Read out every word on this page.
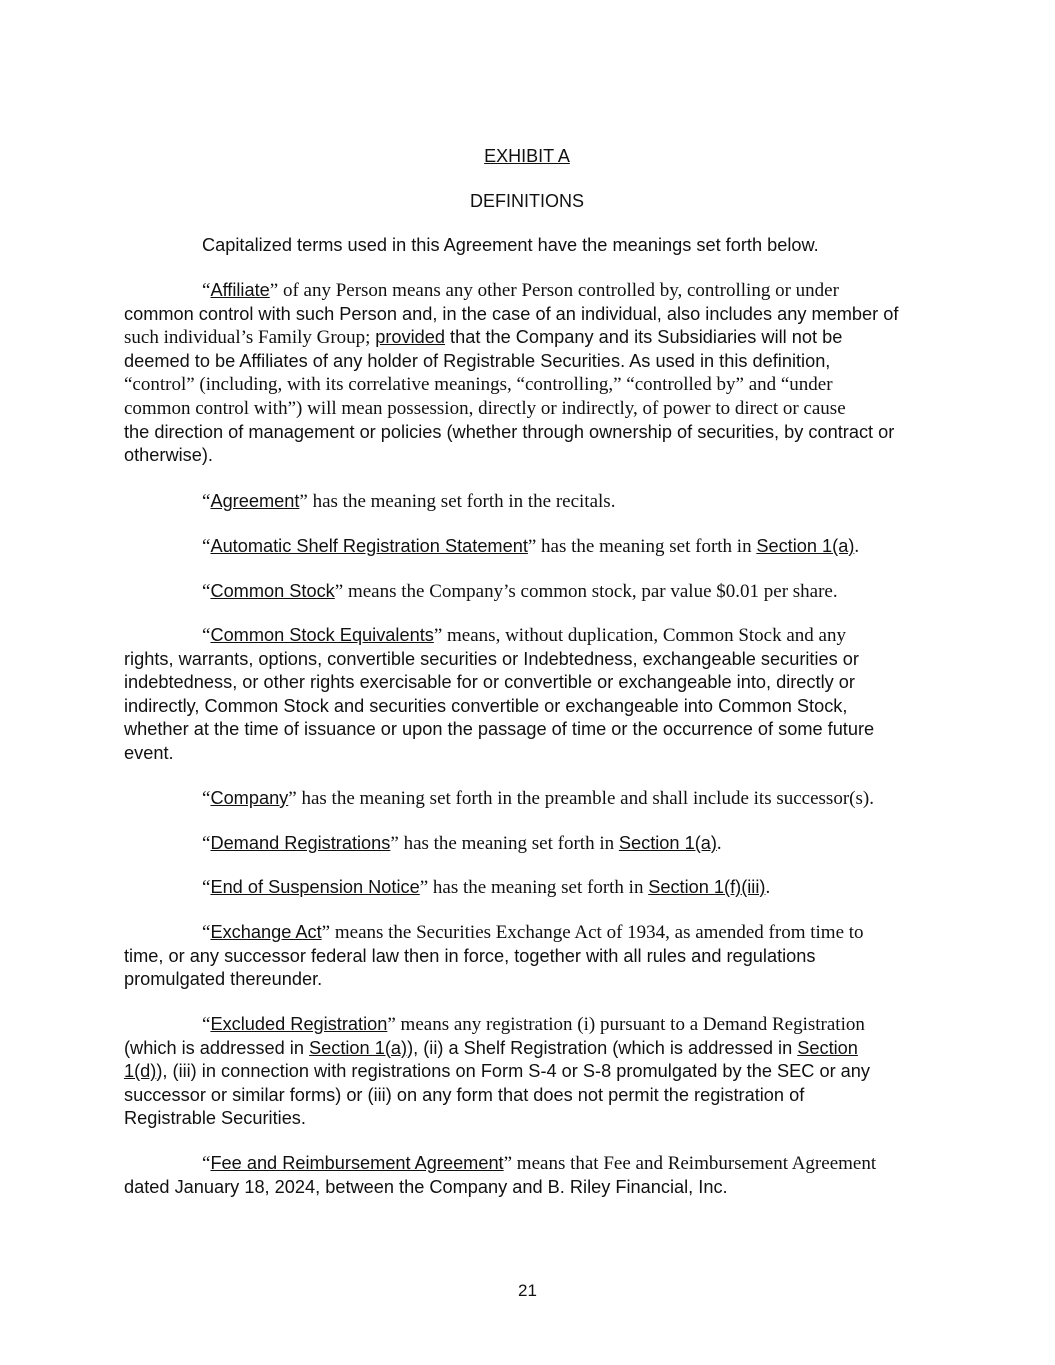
EXHIBIT A
DEFINITIONS
Capitalized terms used in this Agreement have the meanings set forth below.
“Affiliate” of any Person means any other Person controlled by, controlling or under
common control with such Person and, in the case of an individual, also includes any member of
such individual’s Family Group; provided that the Company and its Subsidiaries will not be
deemed to be Affiliates of any holder of Registrable Securities. As used in this definition,
“control” (including, with its correlative meanings, “controlling,” “controlled by” and “under
common control with”) will mean possession, directly or indirectly, of power to direct or cause
the direction of management or policies (whether through ownership of securities, by contract or
otherwise).
“Agreement” has the meaning set forth in the recitals.
“Automatic Shelf Registration Statement” has the meaning set forth in Section 1(a).
“Common Stock” means the Company’s common stock, par value $0.01 per share.
“Common Stock Equivalents” means, without duplication, Common Stock and any
rights, warrants, options, convertible securities or Indebtedness, exchangeable securities or
indebtedness, or other rights exercisable for or convertible or exchangeable into, directly or
indirectly, Common Stock and securities convertible or exchangeable into Common Stock,
whether at the time of issuance or upon the passage of time or the occurrence of some future
event.
“Company” has the meaning set forth in the preamble and shall include its successor(s).
“Demand Registrations” has the meaning set forth in Section 1(a).
“End of Suspension Notice” has the meaning set forth in Section 1(f)(iii).
“Exchange Act” means the Securities Exchange Act of 1934, as amended from time to
time, or any successor federal law then in force, together with all rules and regulations
promulgated thereunder.
“Excluded Registration” means any registration (i) pursuant to a Demand Registration
(which is addressed in Section 1(a)), (ii) a Shelf Registration (which is addressed in Section
1(d)), (iii) in connection with registrations on Form S-4 or S-8 promulgated by the SEC or any
successor or similar forms) or (iii) on any form that does not permit the registration of
Registrable Securities.
“Fee and Reimbursement Agreement” means that Fee and Reimbursement Agreement
dated January 18, 2024, between the Company and B. Riley Financial, Inc.
21
